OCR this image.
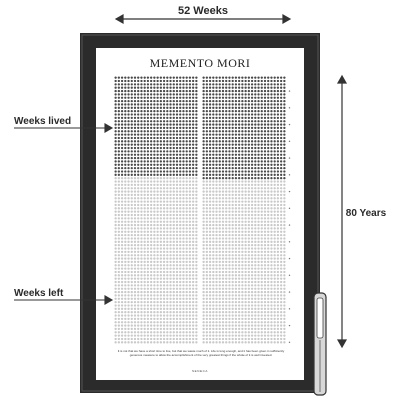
52 Weeks
80 Years
Weeks lived
Weeks left
MEMENTO MORI
It is not that we have a short time to live, but that we waste much of it. Life is long enough, and it has been given in sufficiently generous measure to allow the accomplishment of the very greatest things if the whole of it is well invested.
SENECA
